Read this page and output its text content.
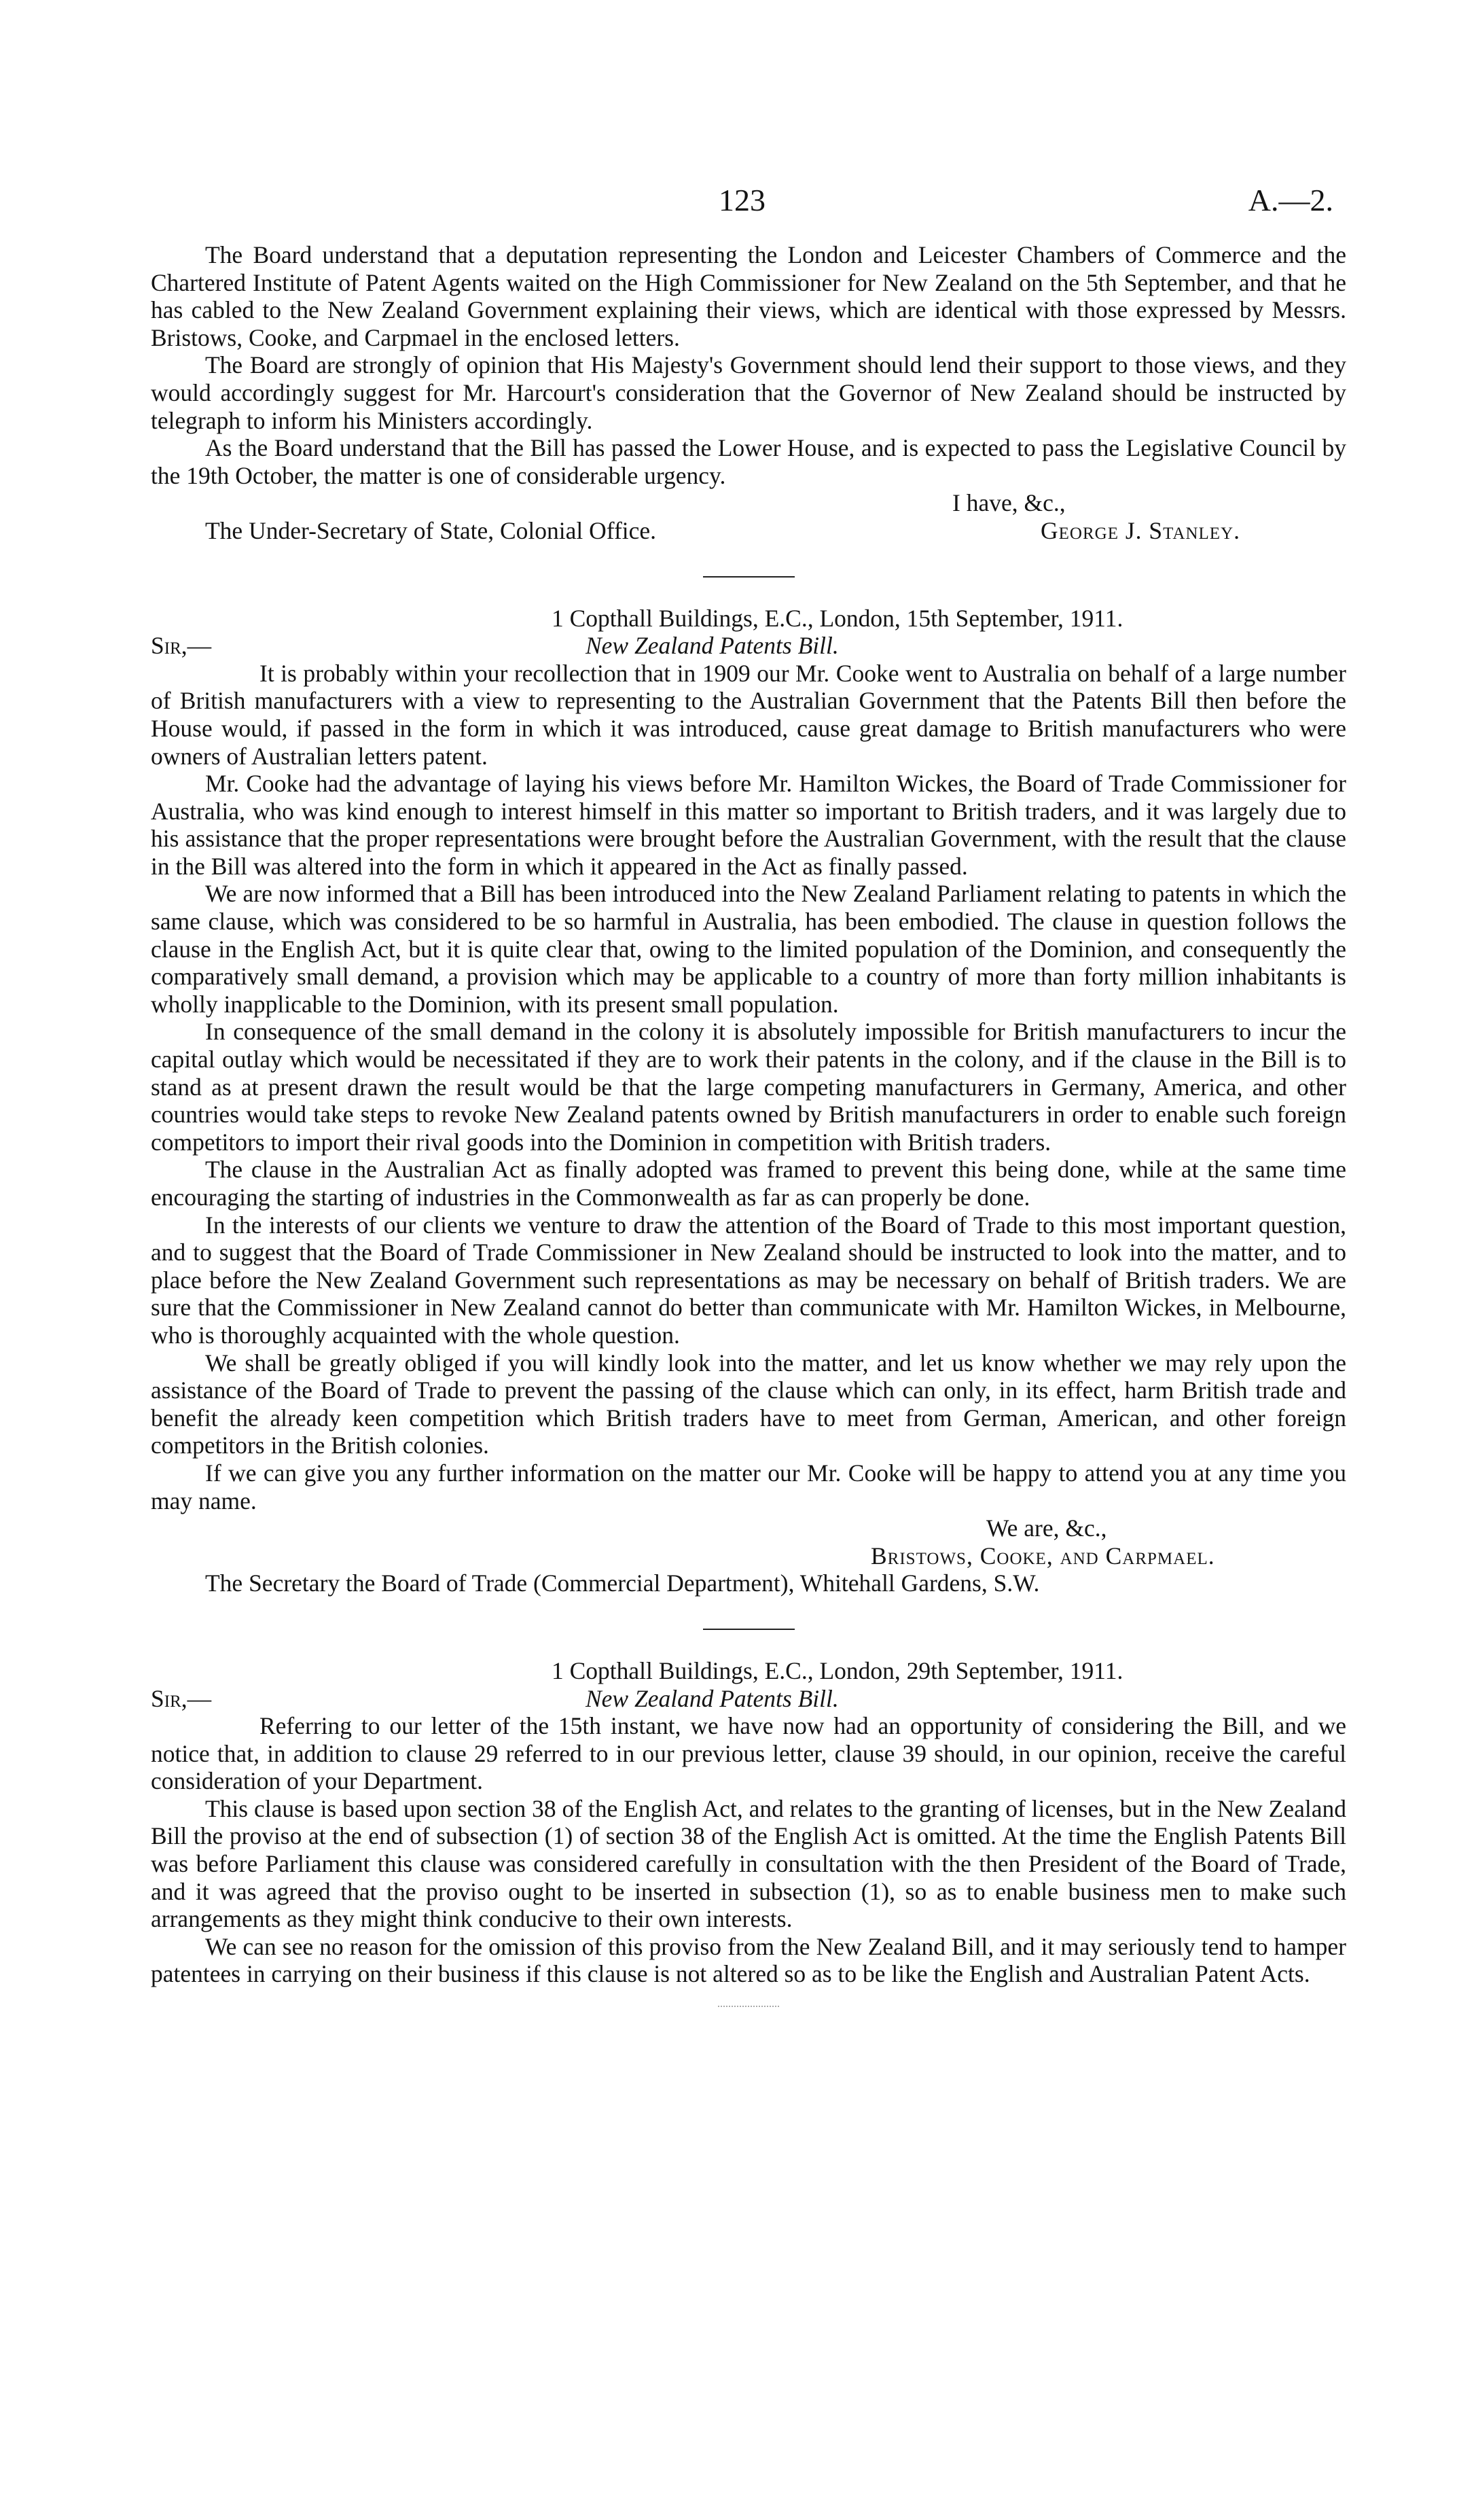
123	A.—2.

The Board understand that a deputation representing the London and Leicester Chambers of Commerce and the Chartered Institute of Patent Agents waited on the High Commissioner for New Zealand on the 5th September, and that he has cabled to the New Zealand Government explaining their views, which are identical with those expressed by Messrs. Bristows, Cooke, and Carpmael in the enclosed letters.

The Board are strongly of opinion that His Majesty's Government should lend their support to those views, and they would accordingly suggest for Mr. Harcourt's consideration that the Governor of New Zealand should be instructed by telegraph to inform his Ministers accordingly.

As the Board understand that the Bill has passed the Lower House, and is expected to pass the Legislative Council by the 19th October, the matter is one of considerable urgency.

I have, &c.,
The Under-Secretary of State, Colonial Office.	George J. Stanley.
1 Copthall Buildings, E.C., London, 15th September, 1911.
Sir,—	New Zealand Patents Bill.

It is probably within your recollection that in 1909 our Mr. Cooke went to Australia on behalf of a large number of British manufacturers with a view to representing to the Australian Government that the Patents Bill then before the House would, if passed in the form in which it was introduced, cause great damage to British manufacturers who were owners of Australian letters patent.

Mr. Cooke had the advantage of laying his views before Mr. Hamilton Wickes, the Board of Trade Commissioner for Australia, who was kind enough to interest himself in this matter so important to British traders, and it was largely due to his assistance that the proper representations were brought before the Australian Government, with the result that the clause in the Bill was altered into the form in which it appeared in the Act as finally passed.

We are now informed that a Bill has been introduced into the New Zealand Parliament relating to patents in which the same clause, which was considered to be so harmful in Australia, has been embodied. The clause in question follows the clause in the English Act, but it is quite clear that, owing to the limited population of the Dominion, and consequently the comparatively small demand, a provision which may be applicable to a country of more than forty million inhabitants is wholly inapplicable to the Dominion, with its present small population.

In consequence of the small demand in the colony it is absolutely impossible for British manufacturers to incur the capital outlay which would be necessitated if they are to work their patents in the colony, and if the clause in the Bill is to stand as at present drawn the result would be that the large competing manufacturers in Germany, America, and other countries would take steps to revoke New Zealand patents owned by British manufacturers in order to enable such foreign competitors to import their rival goods into the Dominion in competition with British traders.

The clause in the Australian Act as finally adopted was framed to prevent this being done, while at the same time encouraging the starting of industries in the Commonwealth as far as can properly be done.

In the interests of our clients we venture to draw the attention of the Board of Trade to this most important question, and to suggest that the Board of Trade Commissioner in New Zealand should be instructed to look into the matter, and to place before the New Zealand Government such representations as may be necessary on behalf of British traders. We are sure that the Commissioner in New Zealand cannot do better than communicate with Mr. Hamilton Wickes, in Melbourne, who is thoroughly acquainted with the whole question.

We shall be greatly obliged if you will kindly look into the matter, and let us know whether we may rely upon the assistance of the Board of Trade to prevent the passing of the clause which can only, in its effect, harm British trade and benefit the already keen competition which British traders have to meet from German, American, and other foreign competitors in the British colonies.

If we can give you any further information on the matter our Mr. Cooke will be happy to attend you at any time you may name.

We are, &c.,
Bristows, Cooke, and Carpmael.
The Secretary the Board of Trade (Commercial Department), Whitehall Gardens, S.W.
1 Copthall Buildings, E.C., London, 29th September, 1911.
Sir,—	New Zealand Patents Bill.

Referring to our letter of the 15th instant, we have now had an opportunity of considering the Bill, and we notice that, in addition to clause 29 referred to in our previous letter, clause 39 should, in our opinion, receive the careful consideration of your Department.

This clause is based upon section 38 of the English Act, and relates to the granting of licenses, but in the New Zealand Bill the proviso at the end of subsection (1) of section 38 of the English Act is omitted. At the time the English Patents Bill was before Parliament this clause was considered carefully in consultation with the then President of the Board of Trade, and it was agreed that the proviso ought to be inserted in subsection (1), so as to enable business men to make such arrangements as they might think conducive to their own interests.

We can see no reason for the omission of this proviso from the New Zealand Bill, and it may seriously tend to hamper patentees in carrying on their business if this clause is not altered so as to be like the English and Australian Patent Acts.
